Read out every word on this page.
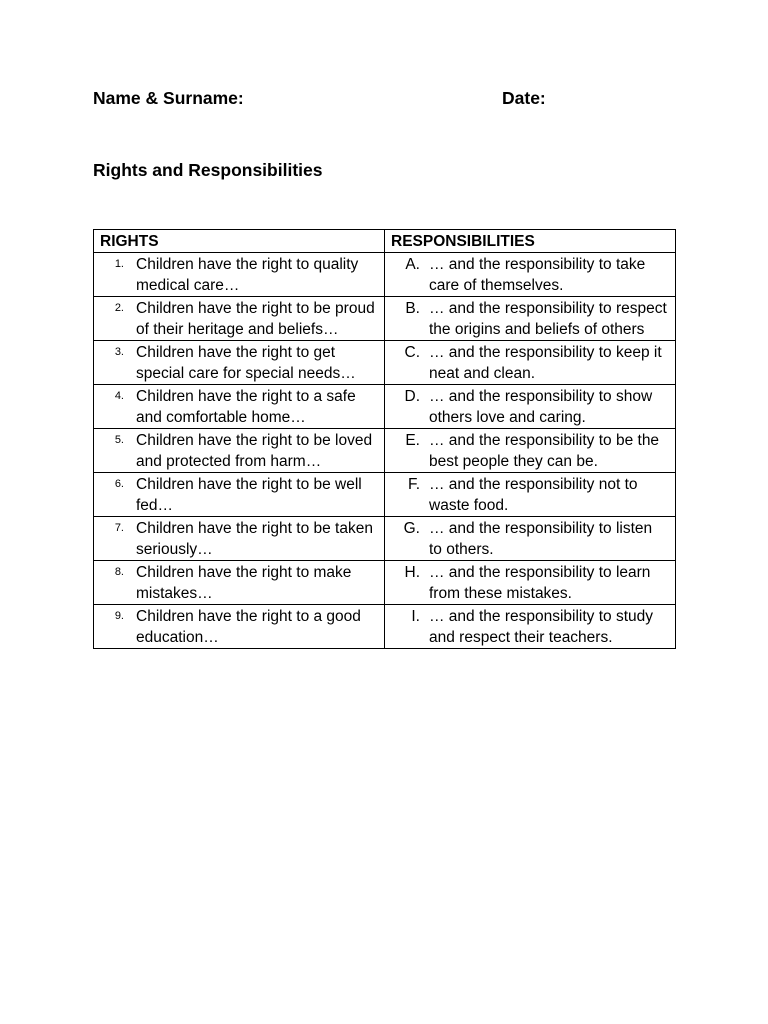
Name & Surname:	Date:
Rights and Responsibilities
RIGHTS	RESPONSIBILITIES

1. Children have the right to quality medical care…	A. … and the responsibility to take care of themselves.

2. Children have the right to be proud of their heritage and beliefs…	B. … and the responsibility to respect the origins and beliefs of others

3. Children have the right to get special care for special needs…	C. … and the responsibility to keep it neat and clean.

4. Children have the right to a safe and comfortable home…	D. … and the responsibility to show others love and caring.

5. Children have the right to be loved and protected from harm…	E. … and the responsibility to be the best people they can be.

6. Children have the right to be well fed…	F. … and the responsibility not to waste food.

7. Children have the right to be taken seriously…	G. … and the responsibility to listen to others.

8. Children have the right to make mistakes…	H. … and the responsibility to learn from these mistakes.

9. Children have the right to a good education…	I. … and the responsibility to study and respect their teachers.
